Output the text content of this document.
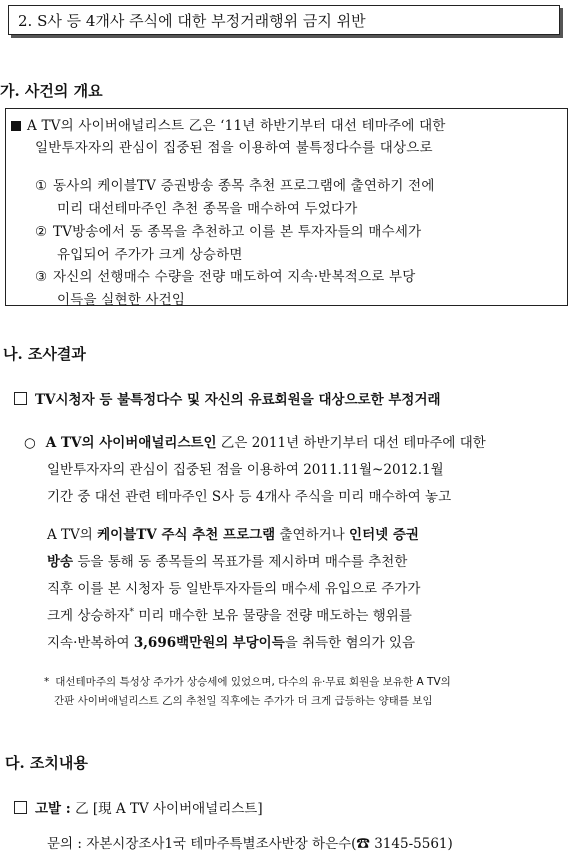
2. S사 등 4개사 주식에 대한 부정거래행위 금지 위반
가. 사건의 개요
A TV의 사이버애널리스트 乙은 ‘11년 하반기부터 대선 테마주에 대한
일반투자자의 관심이 집중된 점을 이용하여 불특정다수를 대상으로
① 동사의 케이블TV 증권방송 종목 추천 프로그램에 출연하기 전에
미리 대선테마주인 추천 종목을 매수하여 두었다가
② TV방송에서 동 종목을 추천하고 이를 본 투자자들의 매수세가
유입되어 주가가 크게 상승하면
③ 자신의 선행매수 수량을 전량 매도하여 지속·반복적으로 부당
이득을 실현한 사건임
나. 조사결과
TV시청자 등 불특정다수 및 자신의 유료회원을 대상으로한 부정거래
○ A TV의 사이버애널리스트인 乙은 2011년 하반기부터 대선 테마주에 대한
일반투자자의 관심이 집중된 점을 이용하여 2011.11월~2012.1월
기간 중 대선 관련 테마주인 S사 등 4개사 주식을 미리 매수하여 놓고
A TV의 케이블TV 주식 추천 프로그램 출연하거나 인터넷 증권
방송 등을 통해 동 종목들의 목표가를 제시하며 매수를 추천한
직후 이를 본 시청자 등 일반투자자들의 매수세 유입으로 주가가
크게 상승하자* 미리 매수한 보유 물량을 전량 매도하는 행위를
지속·반복하여 3,696백만원의 부당이득을 취득한 혐의가 있음
* 대선테마주의 특성상 주가가 상승세에 있었으며, 다수의 유·무료 회원을 보유한 A TV의
간판 사이버애널리스트 乙의 추천일 직후에는 주가가 더 크게 급등하는 양태를 보임
다. 조치내용
고발 : 乙 [現 A TV 사이버애널리스트]
문의 : 자본시장조사1국 테마주특별조사반장 하은수(☎ 3145-5561)
